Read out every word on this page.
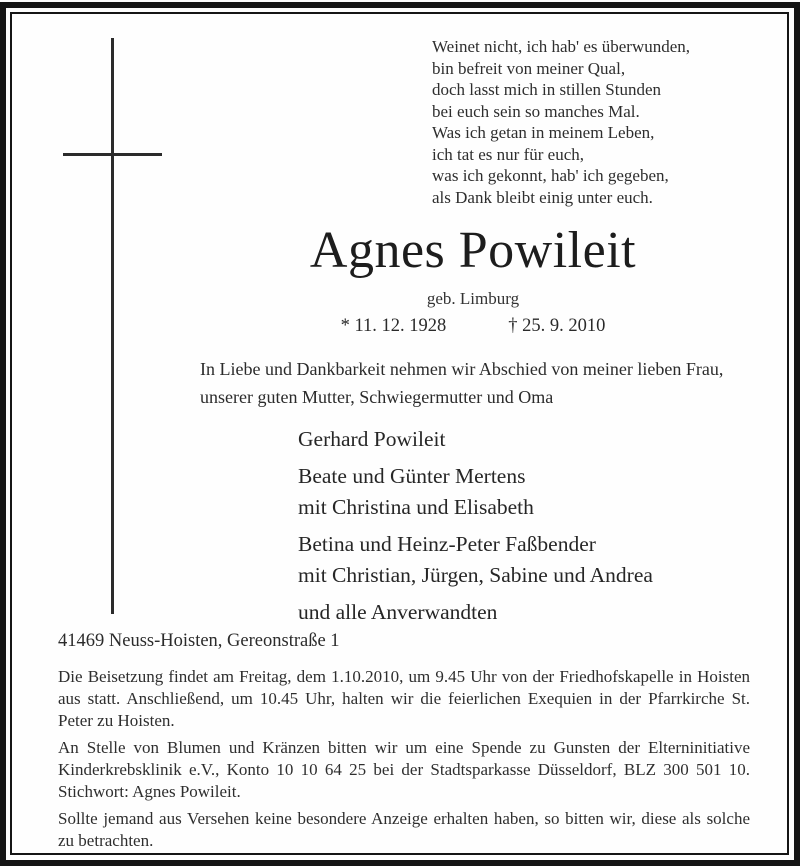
Weinet nicht, ich hab' es überwunden,
bin befreit von meiner Qual,
doch lasst mich in stillen Stunden
bei euch sein so manches Mal.
Was ich getan in meinem Leben,
ich tat es nur für euch,
was ich gekonnt, hab' ich gegeben,
als Dank bleibt einig unter euch.
Agnes Powileit
geb. Limburg
* 11. 12. 1928	† 25. 9. 2010
In Liebe und Dankbarkeit nehmen wir Abschied von meiner lieben Frau, unserer guten Mutter, Schwiegermutter und Oma
Gerhard Powileit
Beate und Günter Mertens
mit Christina und Elisabeth
Betina und Heinz-Peter Faßbender
mit Christian, Jürgen, Sabine und Andrea
und alle Anverwandten
41469 Neuss-Hoisten, Gereonstraße 1

Die Beisetzung findet am Freitag, dem 1.10.2010, um 9.45 Uhr von der Friedhofskapelle in Hoisten aus statt. Anschließend, um 10.45 Uhr, halten wir die feierlichen Exequien in der Pfarrkirche St. Peter zu Hoisten.

An Stelle von Blumen und Kränzen bitten wir um eine Spende zu Gunsten der Elterninitiative Kinderkrebsklinik e.V., Konto 10 10 64 25 bei der Stadtsparkasse Düsseldorf, BLZ 300 501 10. Stichwort: Agnes Powileit.

Sollte jemand aus Versehen keine besondere Anzeige erhalten haben, so bitten wir, diese als solche zu betrachten.
